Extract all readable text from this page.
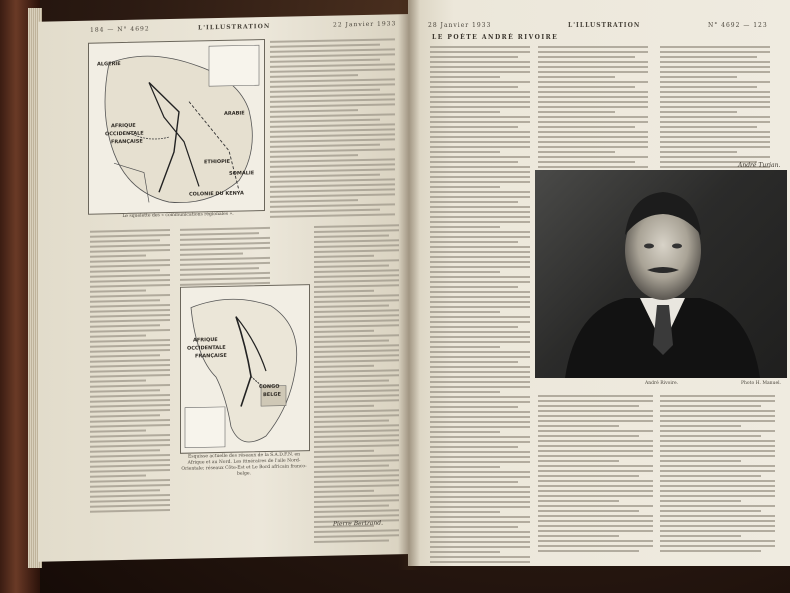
184 — N° 4692	L'ILLUSTRATION	22 Janvier 1933
ALGERIE
AFRIQUE
OCCIDENTALE
FRANÇAISE
ARABIE
ETHIOPIE
SOMALIE
COLONIE DU KENYA
Le squelette des « communications régionales ».
AFRIQUE
OCCIDENTALE
FRANÇAISE
CONGO
BELGE
Esquisse actuelle des réseaux de la S.A.D.F.N. en Afrique et au Nord. Les itinéraires de l'aile Nord-Orientale; réseaux Côte-Est et Le Bord africain franco-belge.
Pierre Bertrand.
28 Janvier 1933	L'ILLUSTRATION	N° 4692 — 123
LE POÈTE ANDRÉ RIVOIRE
André Turian.
André Rivoire.	Photo H. Manuel.
